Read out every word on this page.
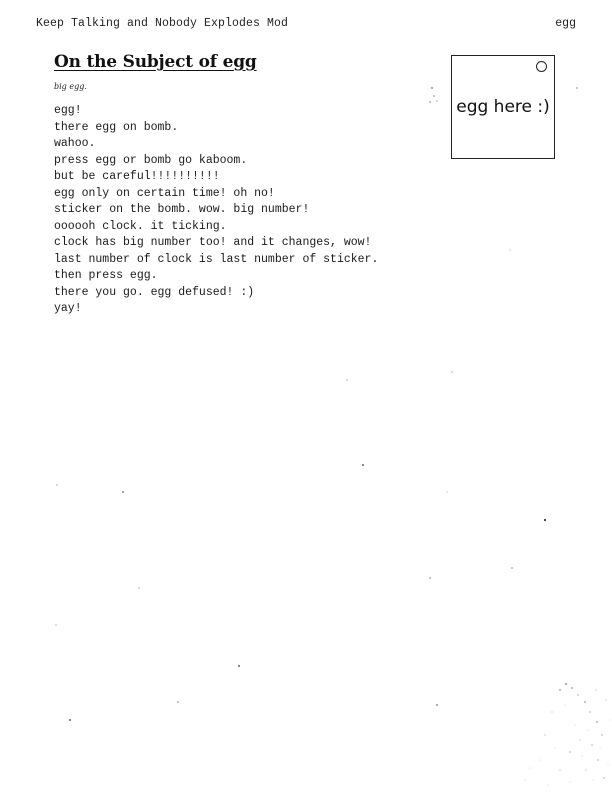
Keep Talking and Nobody Explodes Mod	egg
On the Subject of egg
big egg.
egg!
there egg on bomb.
wahoo.
press egg or bomb go kaboom.
but be careful!!!!!!!!!!
egg only on certain time! oh no!
sticker on the bomb. wow. big number!
oooooh clock. it ticking.
clock has big number too! and it changes, wow!
last number of clock is last number of sticker.
then press egg.
there you go. egg defused! :)
yay!
egg here :)
